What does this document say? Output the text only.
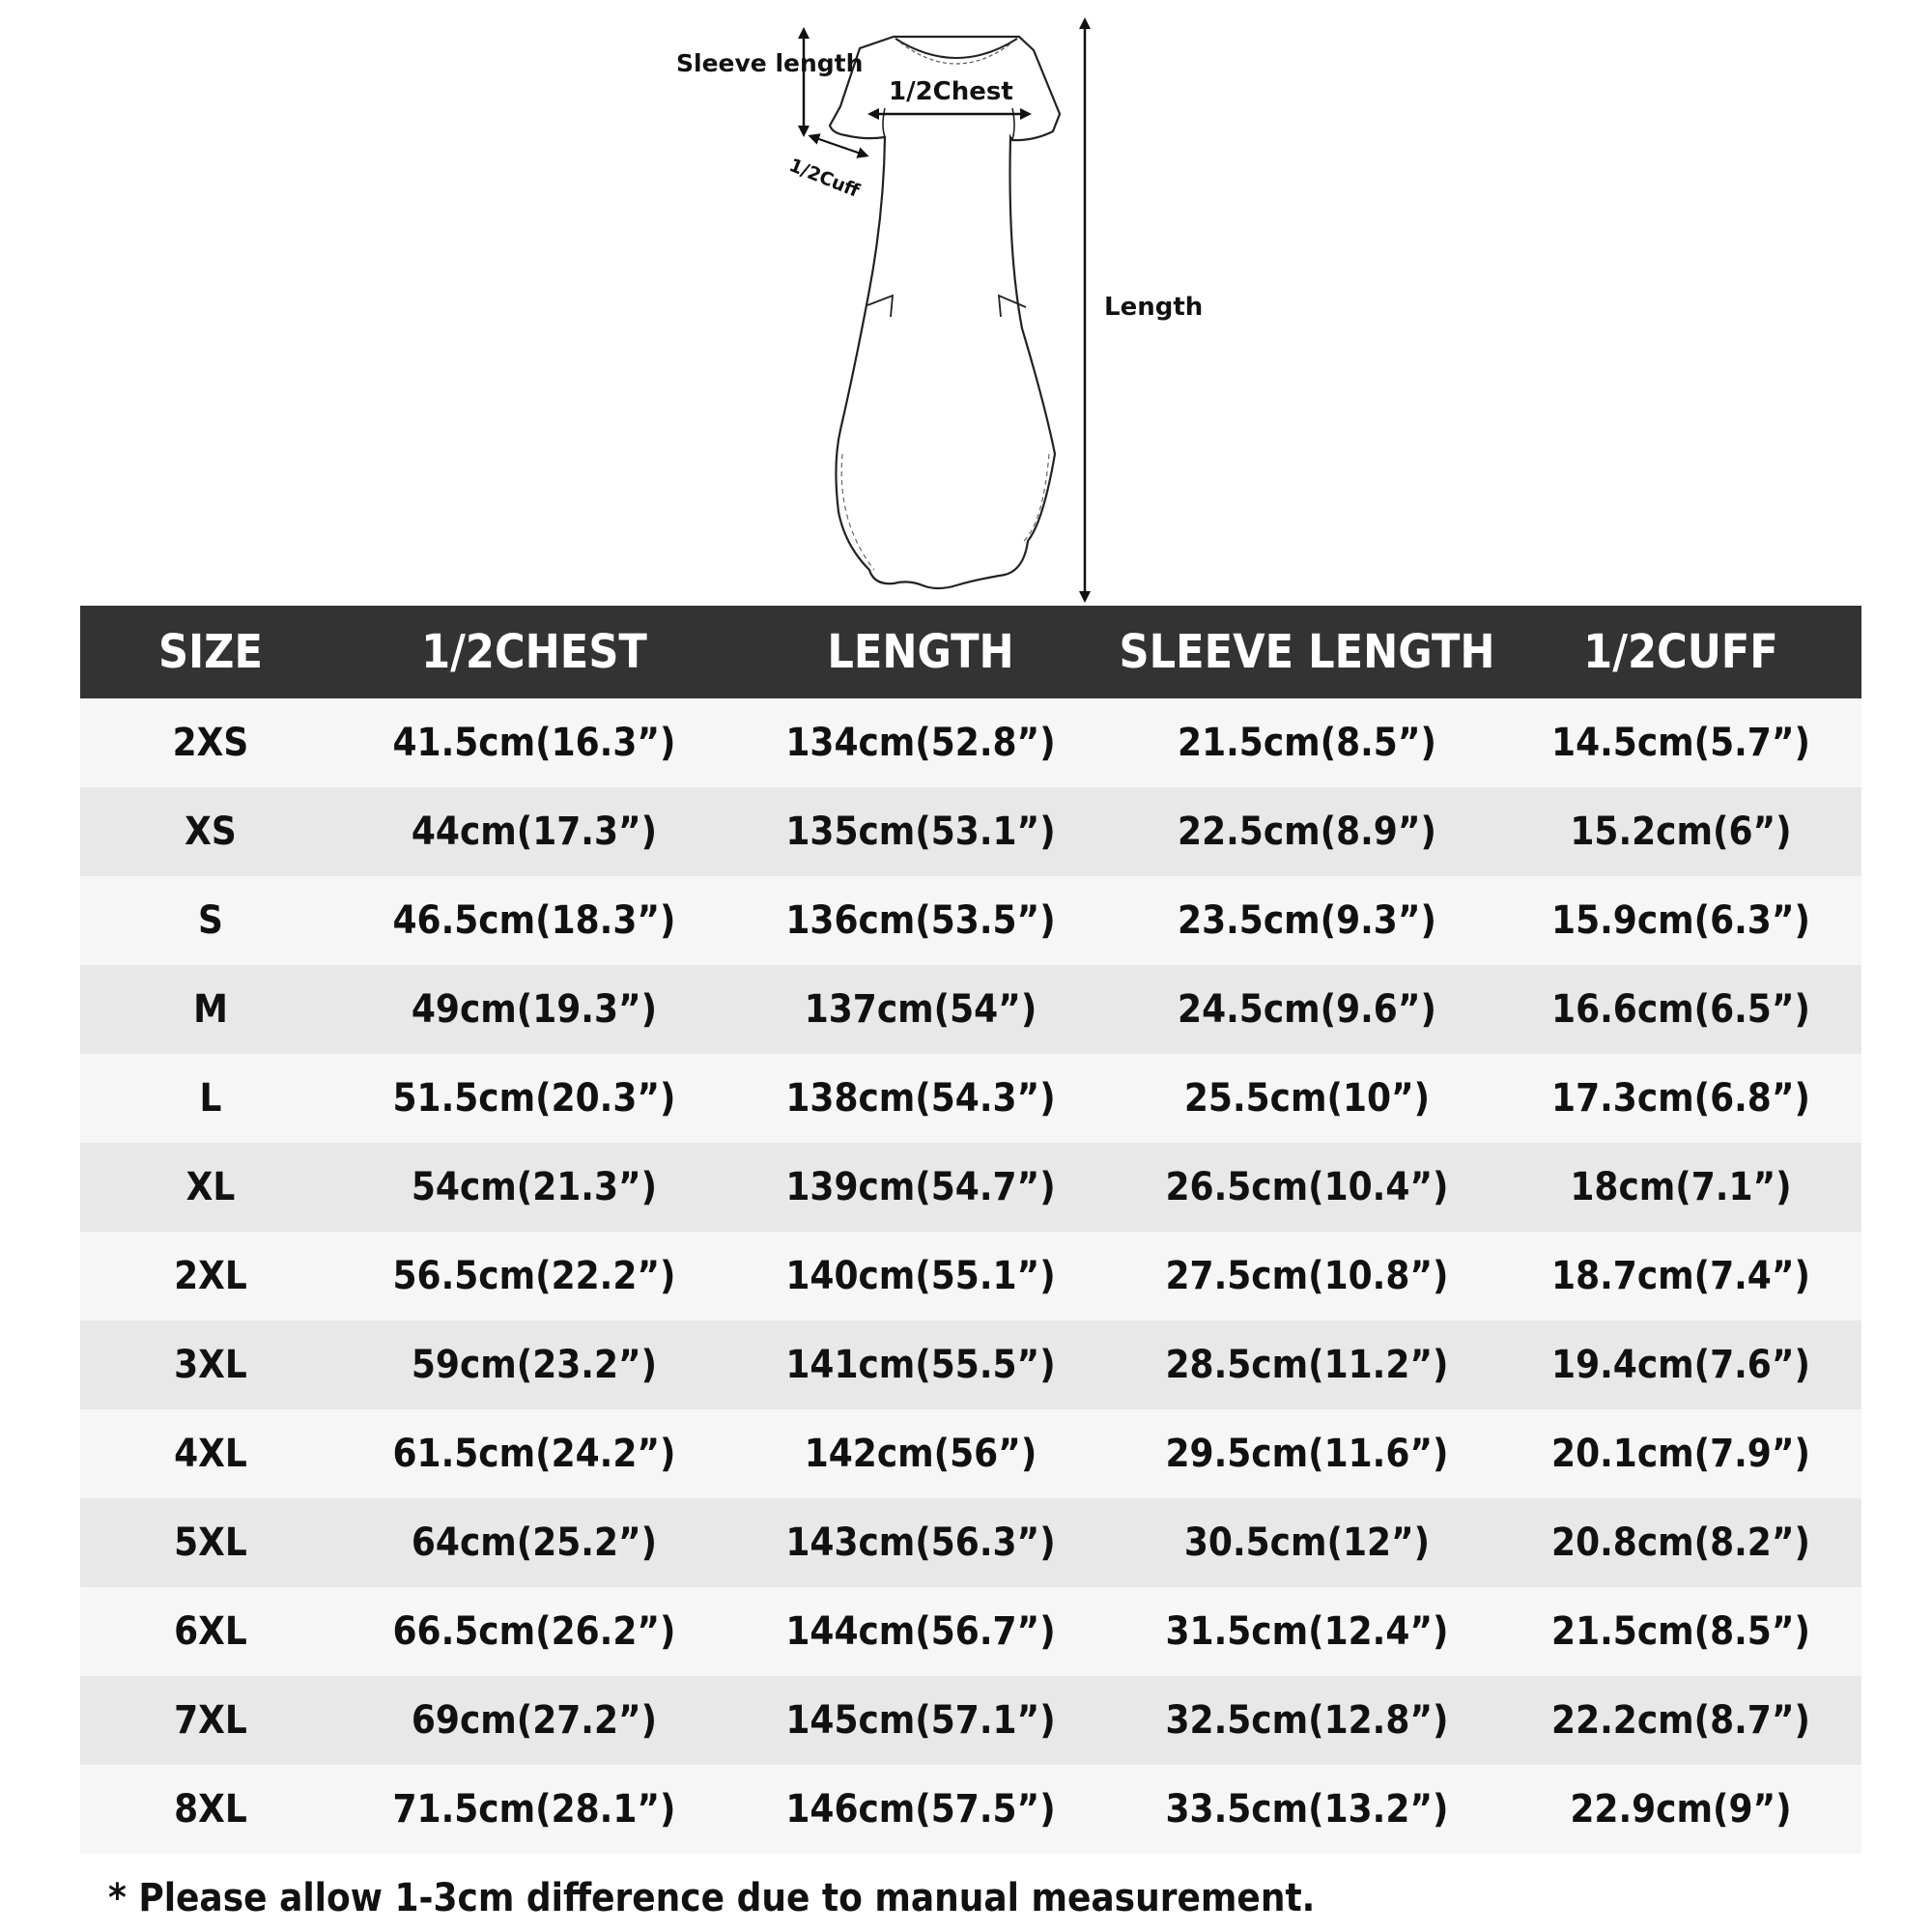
Sleeve length
1/2Chest
1/2Cuff
Length
SIZE	1/2CHEST	LENGTH	SLEEVE LENGTH	1/2CUFF
2XS	41.5cm(16.3”)	134cm(52.8”)	21.5cm(8.5”)	14.5cm(5.7”)
XS	44cm(17.3”)	135cm(53.1”)	22.5cm(8.9”)	15.2cm(6”)
S	46.5cm(18.3”)	136cm(53.5”)	23.5cm(9.3”)	15.9cm(6.3”)
M	49cm(19.3”)	137cm(54”)	24.5cm(9.6”)	16.6cm(6.5”)
L	51.5cm(20.3”)	138cm(54.3”)	25.5cm(10”)	17.3cm(6.8”)
XL	54cm(21.3”)	139cm(54.7”)	26.5cm(10.4”)	18cm(7.1”)
2XL	56.5cm(22.2”)	140cm(55.1”)	27.5cm(10.8”)	18.7cm(7.4”)
3XL	59cm(23.2”)	141cm(55.5”)	28.5cm(11.2”)	19.4cm(7.6”)
4XL	61.5cm(24.2”)	142cm(56”)	29.5cm(11.6”)	20.1cm(7.9”)
5XL	64cm(25.2”)	143cm(56.3”)	30.5cm(12”)	20.8cm(8.2”)
6XL	66.5cm(26.2”)	144cm(56.7”)	31.5cm(12.4”)	21.5cm(8.5”)
7XL	69cm(27.2”)	145cm(57.1”)	32.5cm(12.8”)	22.2cm(8.7”)
8XL	71.5cm(28.1”)	146cm(57.5”)	33.5cm(13.2”)	22.9cm(9”)
* Please allow 1-3cm difference due to manual measurement.
